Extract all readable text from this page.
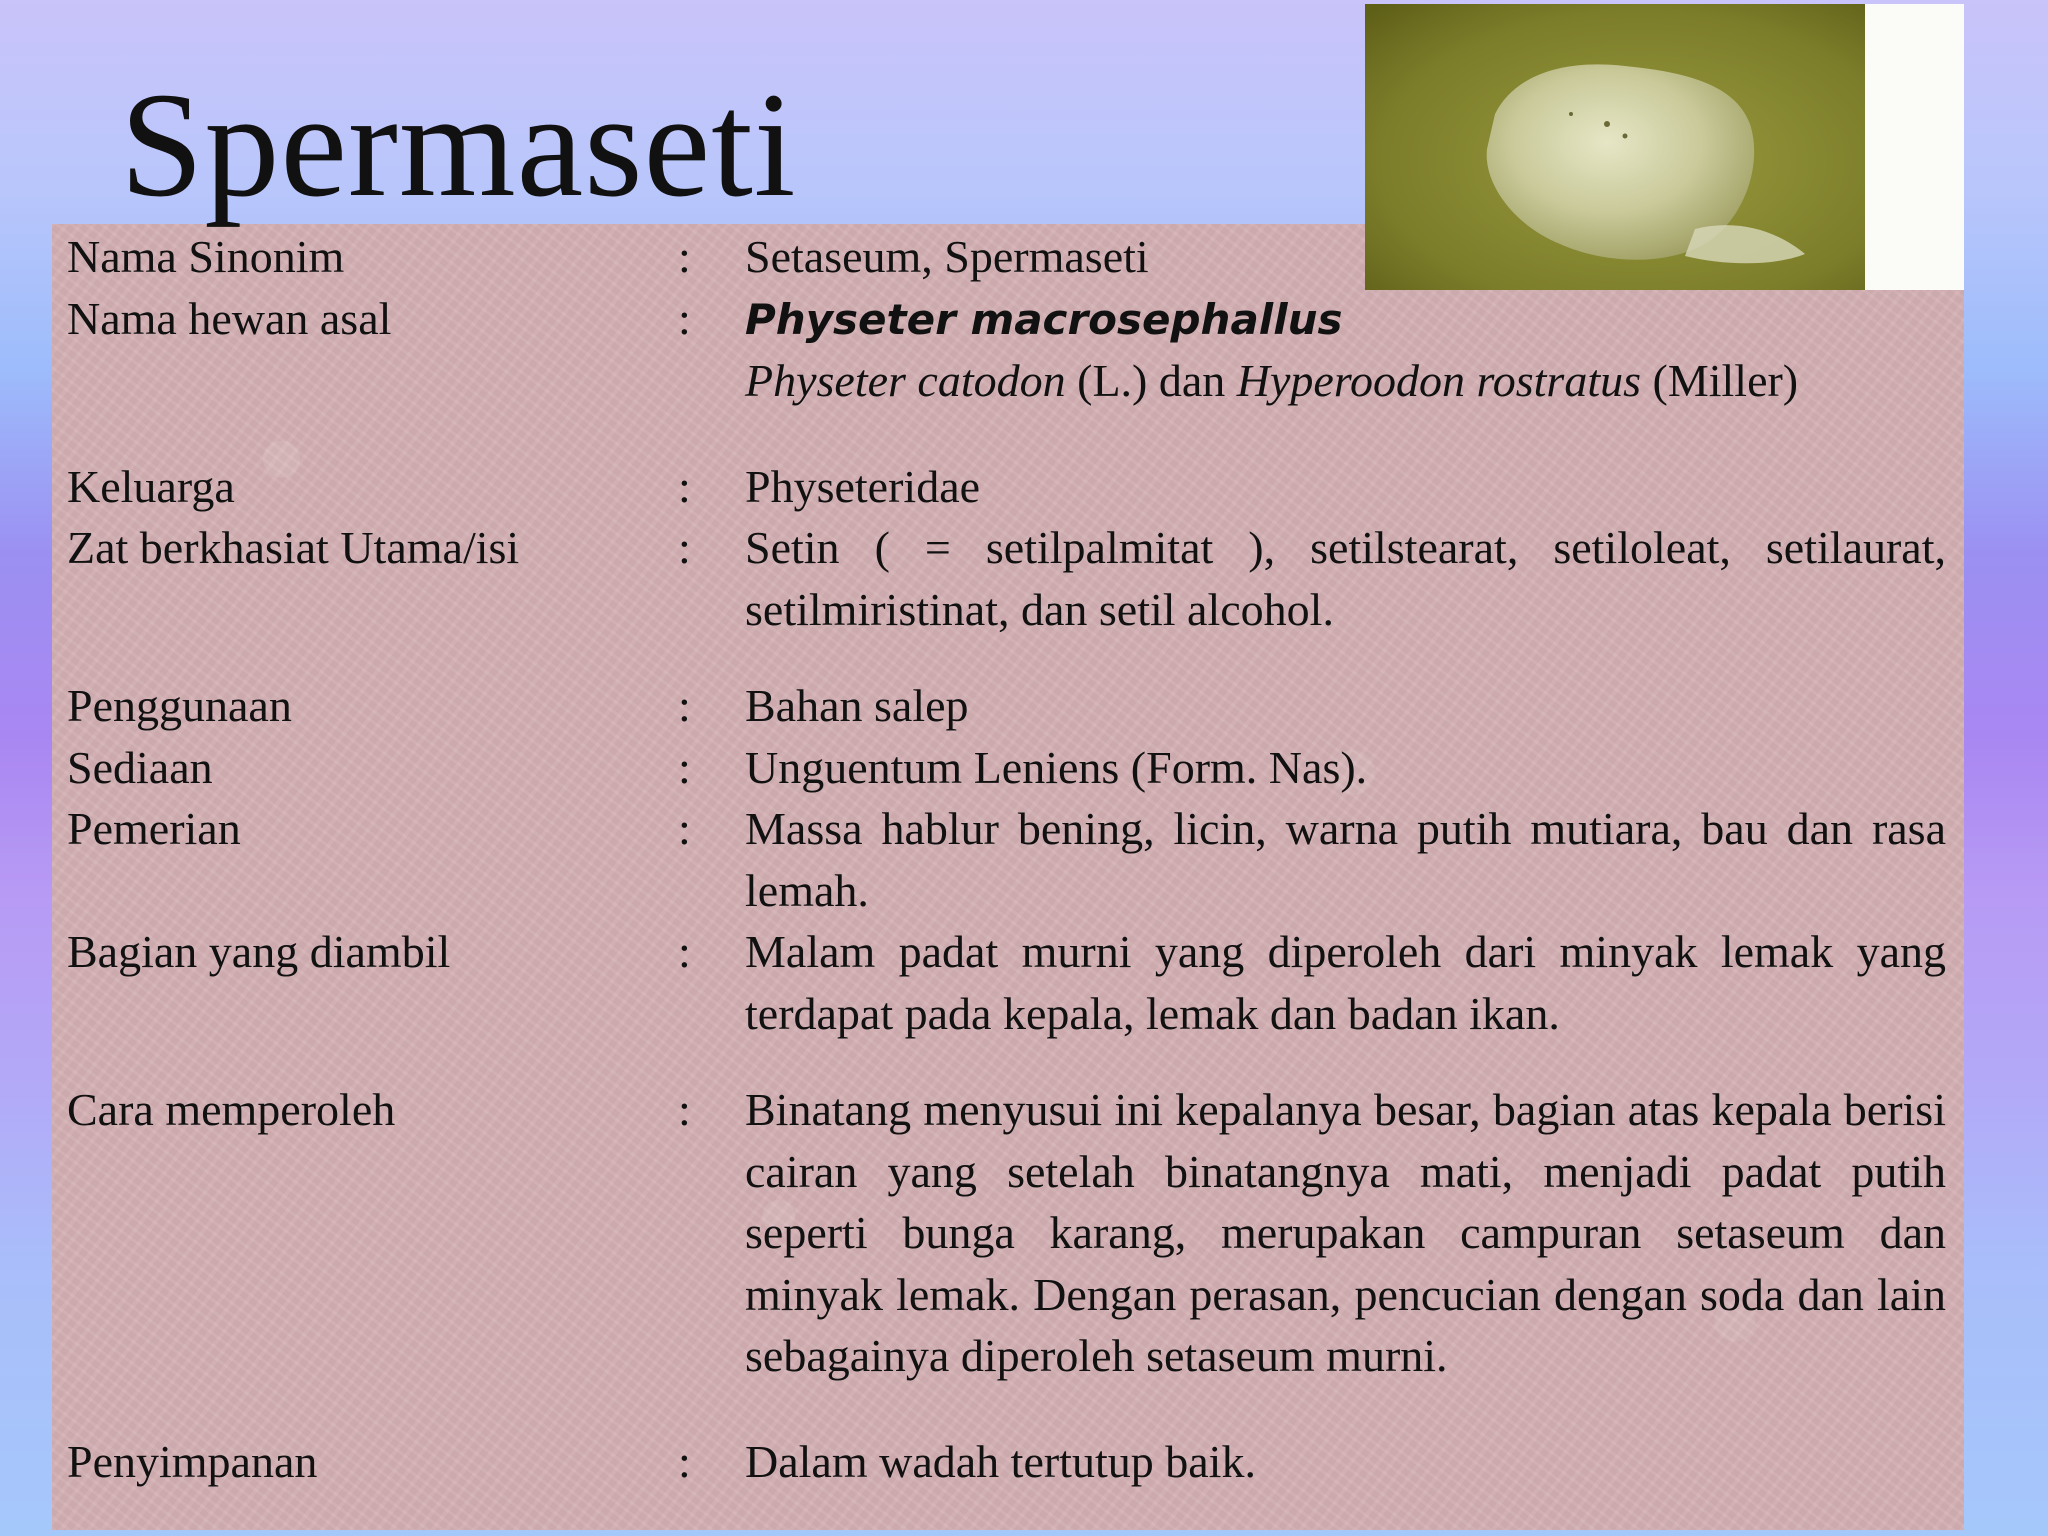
Spermaseti
Nama Sinonim	:	Setaseum, Spermaseti
Nama hewan asal	:	Physeter macrosephallus
Physeter catodon (L.) dan Hyperoodon rostratus (Miller)
Keluarga	:	Physeteridae
Zat berkhasiat Utama/isi	:	Setin ( = setilpalmitat ), setilstearat, setiloleat, setilaurat, setilmiristinat, dan setil alcohol.
Penggunaan	:	Bahan salep
Sediaan	:	Unguentum Leniens (Form. Nas).
Pemerian	:	Massa hablur bening, licin, warna putih mutiara, bau dan rasa lemah.
Bagian yang diambil	:	Malam padat murni yang diperoleh dari minyak lemak yang terdapat pada kepala, lemak dan badan ikan.
Cara memperoleh	:	Binatang menyusui ini kepalanya besar, bagian atas kepala berisi cairan yang setelah binatangnya mati, menjadi padat putih seperti bunga karang, merupakan campuran setaseum dan minyak lemak. Dengan perasan, pencucian dengan soda dan lain sebagainya diperoleh setaseum murni.
Penyimpanan	:	Dalam wadah tertutup baik.
